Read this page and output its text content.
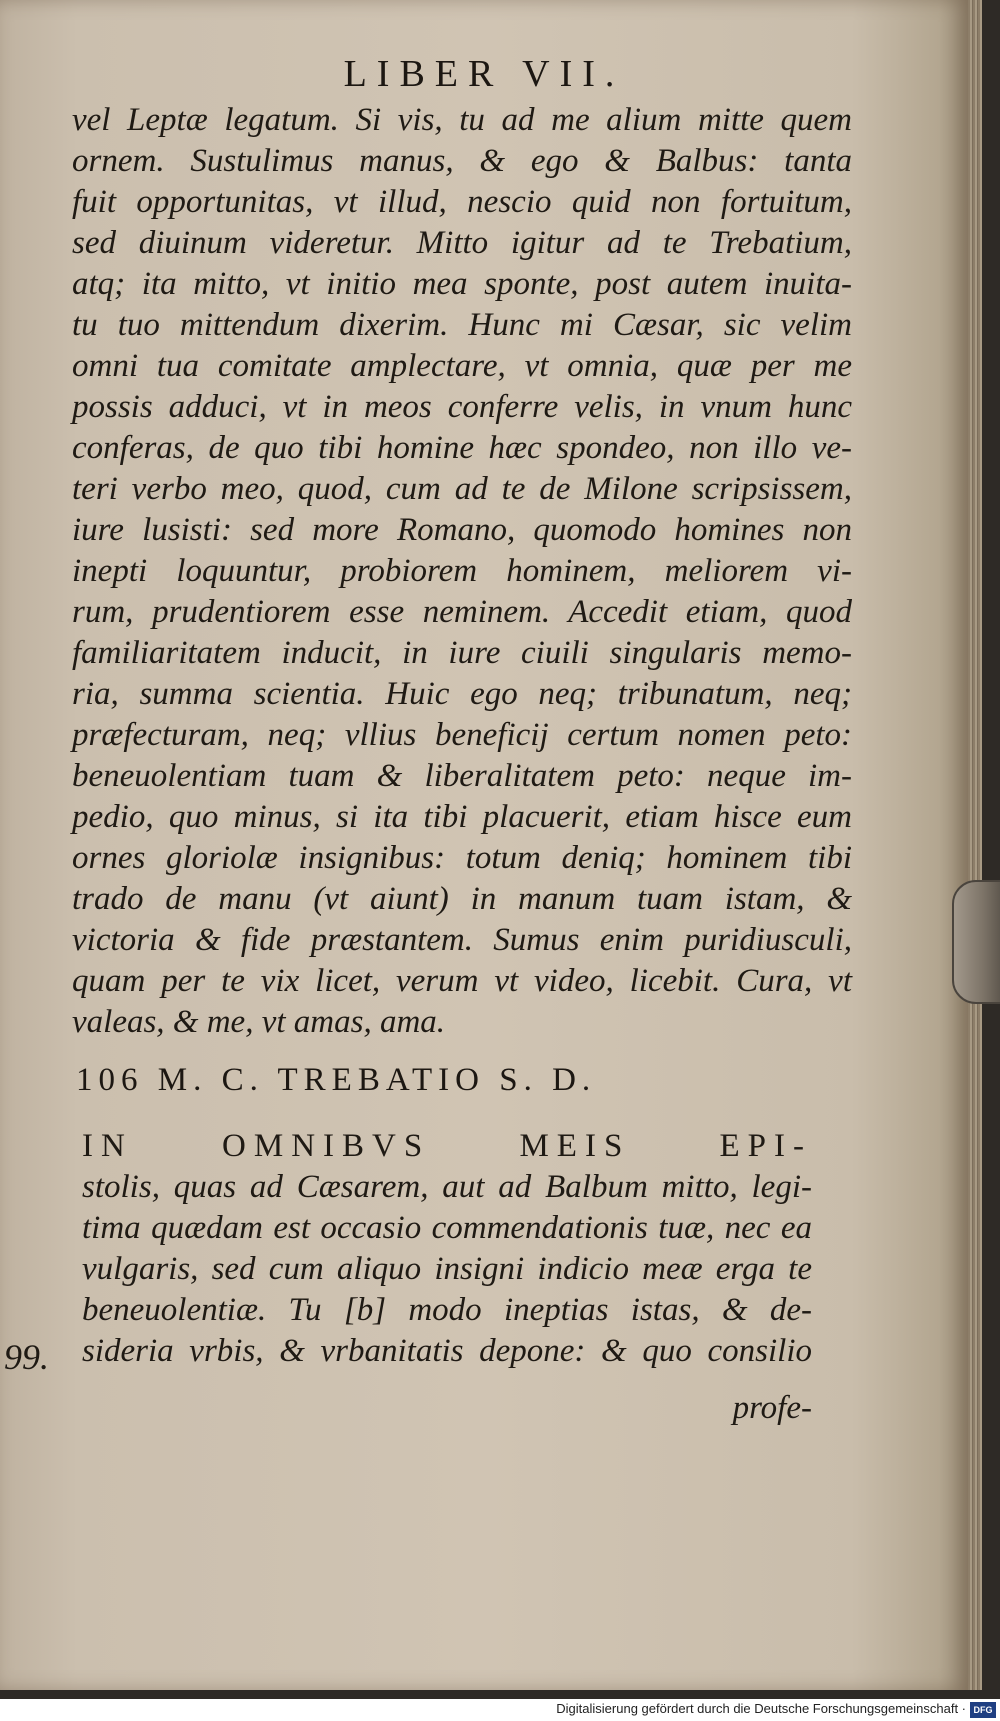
LIBER VII.
vel Leptæ legatum. Si vis, tu ad me alium mitte quem
ornem. Sustulimus manus, & ego & Balbus: tanta
fuit opportunitas, vt illud, nescio quid non fortuitum,
sed diuinum videretur. Mitto igitur ad te Trebatium,
atq; ita mitto, vt initio mea sponte, post autem inuita-
tu tuo mittendum dixerim. Hunc mi Cæsar, sic velim
omni tua comitate amplectare, vt omnia, quæ per me
possis adduci, vt in meos conferre velis, in vnum hunc
conferas, de quo tibi homine hæc spondeo, non illo ve-
teri verbo meo, quod, cum ad te de Milone scripsissem,
iure lusisti: sed more Romano, quomodo homines non
inepti loquuntur, probiorem hominem, meliorem vi-
rum, prudentiorem esse neminem. Accedit etiam, quod
familiaritatem inducit, in iure ciuili singularis memo-
ria, summa scientia. Huic ego neq; tribunatum, neq;
præfecturam, neq; vllius beneficij certum nomen peto:
beneuolentiam tuam & liberalitatem peto: neque im-
pedio, quo minus, si ita tibi placuerit, etiam hisce eum
ornes gloriolæ insignibus: totum deniq; hominem tibi
trado de manu (vt aiunt) in manum tuam istam, &
victoria & fide præstantem. Sumus enim puridiusculi,
quam per te vix licet, verum vt video, licebit. Cura, vt
valeas, & me, vt amas, ama.
106 M. C. TREBATIO S. D.
IN OMNIBVS MEIS EPI-
stolis, quas ad Cæsarem, aut ad Balbum mitto, legi-
tima quædam est occasio commendationis tuæ, nec ea
vulgaris, sed cum aliquo insigni indicio meæ erga te
beneuolentiæ. Tu [b] modo ineptias istas, & de-
sideria vrbis, & vrbanitatis depone: & quo consilio
99.
profe-
Digitalisierung gefördert durch die Deutsche Forschungsgemeinschaft · DFG
